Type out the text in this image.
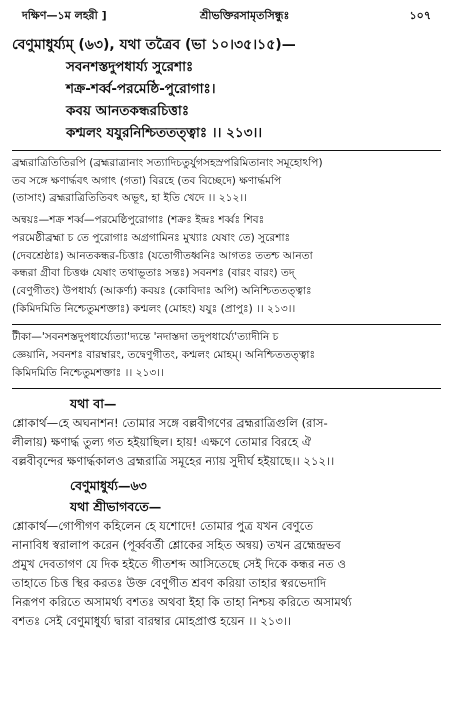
দক্ষিণ—১ম লহরী ]	শ্রীভক্তিরসামৃতসিন্ধুঃ	১০৭
বেণুমাধুর্য্যম্ (৬৩), যথা তত্রৈব (ভা ১০।৩৫।১৫)—
সবনশস্তদুপধার্য্য সুরেশাঃ
শক্র-শর্ব্ব-পরমেষ্ঠি-পুরোগাঃ।
কবয় আনতকন্ধরচিত্তাঃ
কশ্মলং যযুরনিশ্চিততত্ত্বাঃ ।। ২১৩।।
ব্রহ্মরাত্রিতিতিরপি (ব্রহ্মরাত্রানাং সত্যাদিচতুর্যুগসহস্রপরিমিতানাং সমূহোঽপি)
তব সঙ্গে ক্ষণার্দ্ধবৎ অগাৎ (গতা) বিরহে (তব বিচ্ছেদে) ক্ষণার্দ্ধমপি
(তাসাং) ব্রহ্মরাত্রিতিতিবৎ অভূৎ, হা ইতি খেদে ।। ২১২।।
অন্বয়ঃ—শক্র শর্ব্ব—পরমেষ্ঠিপুরোগাঃ (শক্রঃ ইন্দ্রঃ শর্ব্বঃ শিবঃ
পরমেষ্ঠীব্রহ্মা চ তে পুরোগাঃ অগ্রগামিনঃ মুখ্যাঃ যেষাং তে) সুরেশাঃ
(দেবশ্রেষ্ঠাঃ) আনতকন্ধর-চিত্তাঃ (যতোগীতধ্বনিঃ আগতঃ ততশ্চ আনতা
কন্ধরা গ্রীবা চিত্তঞ্চ যেষাং তথাভূতাঃ সন্তঃ) সবনশঃ (বারং বারং) তদ্
(বেণুগীতং) উপধার্য্য (আকর্ণ্য) কবয়ঃ (কোবিদাঃ অপি) অনিশ্চিততত্ত্বাঃ
(কিমিদমিতি নিশ্চেতুমশক্তাঃ) কশ্মলং (মোহং) যযুঃ (প্রাপুঃ) ।। ২১৩।।
টীকা—'সবনশস্তদুপধার্য্যেত্যা'দ্যন্তে 'নদাস্তদা তদুপধার্য্যে'ত্যাদীনি চ
জ্ঞেয়ানি, সবনশঃ বারম্বারং, তদ্বেণুগীতং, কশ্মলং মোহম্। অনিশ্চিততত্ত্বাঃ
কিমিদমিতি নিশ্চেতুমশক্তাঃ ।। ২১৩।।
যথা বা—
শ্লোকার্থ—হে অঘনাশন! তোমার সঙ্গে বল্লবীগণের ব্রহ্মরাত্রিগুলি (রাস-
লীলায়) ক্ষণার্দ্ধ তুল্য গত হইয়াছিল। হায়! এক্ষণে তোমার বিরহে ঐ
বল্লবীবৃন্দের ক্ষণার্দ্ধকালও ব্রহ্মরাত্রি সমূহের ন্যায় সুদীর্ঘ হইয়াছে।। ২১২।।
বেণুমাধুর্য্য—৬৩
যথা শ্রীভাগবতে—
শ্লোকার্থ—গোপীগণ কহিলেন হে যশোদে! তোমার পুত্র যখন বেণুতে
নানাবিধ স্বরালাপ করেন (পূর্ব্ববর্তী শ্লোকের সহিত অন্বয়) তখন ব্রহ্মেন্দ্রভব
প্রমুখ দেবতাগণ যে দিক হইতে গীতশব্দ আসিতেছে সেই দিকে কন্ধর নত ও
তাহাতে চিত্ত স্থির করতঃ উক্ত বেণুগীত শ্রবণ করিয়া তাহার স্বরভেদাদি
নিরূপণ করিতে অসামর্থ্য বশতঃ অথবা ইহা কি তাহা নিশ্চয় করিতে অসামর্থ্য
বশতঃ সেই বেণুমাধুর্য্য দ্বারা বারম্বার মোহপ্রাপ্ত হয়েন ।। ২১৩।।
